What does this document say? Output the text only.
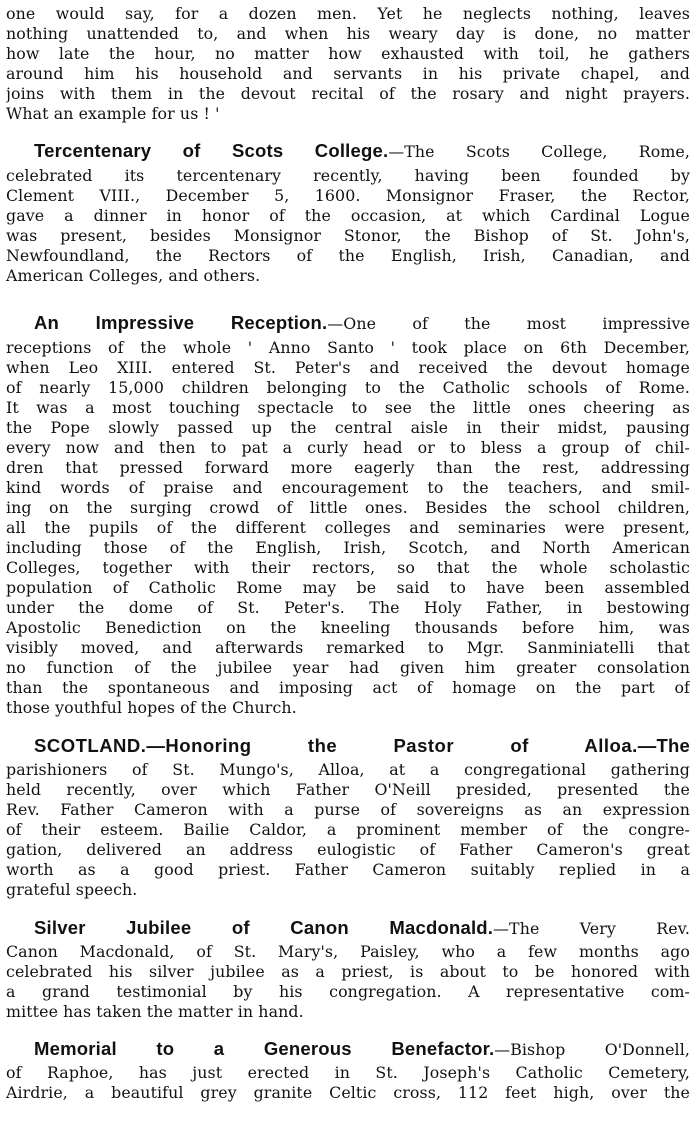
one would say, for a dozen men. Yet he neglects nothing, leaves
nothing unattended to, and when his weary day is done, no matter
how late the hour, no matter how exhausted with toil, he gathers
around him his household and servants in his private chapel, and
joins with them in the devout recital of the rosary and night prayers.
What an example for us ! '
Tercentenary of Scots College.—The Scots College, Rome,
celebrated its tercentenary recently, having been founded by
Clement VIII., December 5, 1600. Monsignor Fraser, the Rector,
gave a dinner in honor of the occasion, at which Cardinal Logue
was present, besides Monsignor Stonor, the Bishop of St. John's,
Newfoundland, the Rectors of the English, Irish, Canadian, and
American Colleges, and others.
An Impressive Reception.—One of the most impressive
receptions of the whole ' Anno Santo ' took place on 6th December,
when Leo XIII. entered St. Peter's and received the devout homage
of nearly 15,000 children belonging to the Catholic schools of Rome.
It was a most touching spectacle to see the little ones cheering as
the Pope slowly passed up the central aisle in their midst, pausing
every now and then to pat a curly head or to bless a group of chil-
dren that pressed forward more eagerly than the rest, addressing
kind words of praise and encouragement to the teachers, and smil-
ing on the surging crowd of little ones. Besides the school children,
all the pupils of the different colleges and seminaries were present,
including those of the English, Irish, Scotch, and North American
Colleges, together with their rectors, so that the whole scholastic
population of Catholic Rome may be said to have been assembled
under the dome of St. Peter's. The Holy Father, in bestowing
Apostolic Benediction on the kneeling thousands before him, was
visibly moved, and afterwards remarked to Mgr. Sanminiatelli that
no function of the jubilee year had given him greater consolation
than the spontaneous and imposing act of homage on the part of
those youthful hopes of the Church.
SCOTLAND.—Honoring the Pastor of Alloa.—The
parishioners of St. Mungo's, Alloa, at a congregational gathering
held recently, over which Father O'Neill presided, presented the
Rev. Father Cameron with a purse of sovereigns as an expression
of their esteem. Bailie Caldor, a prominent member of the congre-
gation, delivered an address eulogistic of Father Cameron's great
worth as a good priest. Father Cameron suitably replied in a
grateful speech.
Silver Jubilee of Canon Macdonald.—The Very Rev.
Canon Macdonald, of St. Mary's, Paisley, who a few months ago
celebrated his silver jubilee as a priest, is about to be honored with
a grand testimonial by his congregation. A representative com-
mittee has taken the matter in hand.
Memorial to a Generous Benefactor.—Bishop O'Donnell,
of Raphoe, has just erected in St. Joseph's Catholic Cemetery,
Airdrie, a beautiful grey granite Celtic cross, 112 feet high, over the
